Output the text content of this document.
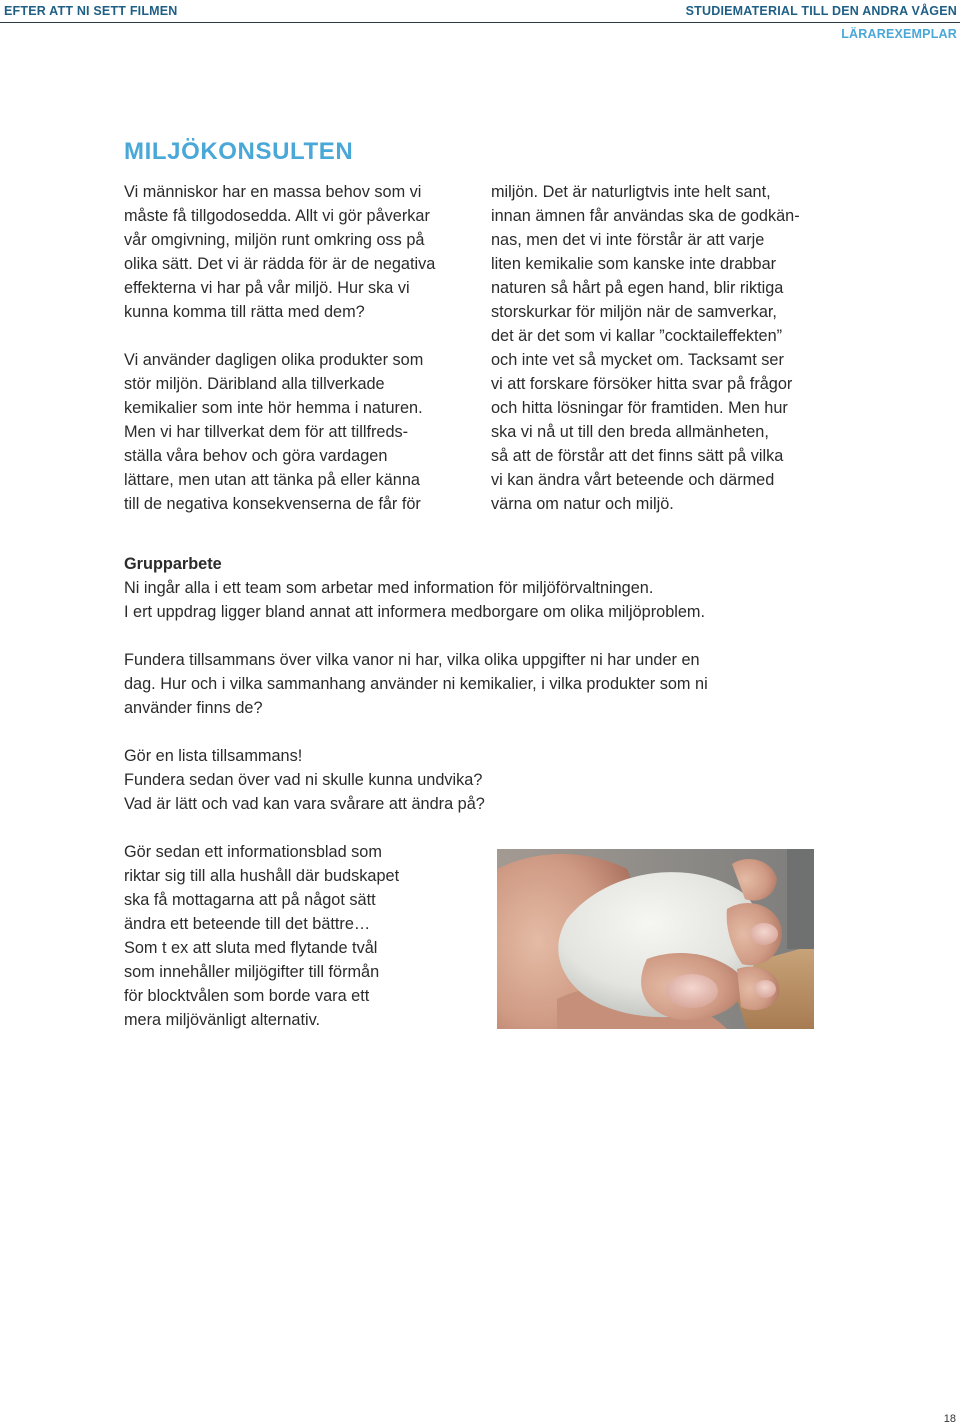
EFTER ATT NI SETT FILMEN	STUDIEMATERIAL TILL DEN ANDRA VÅGEN
LÄRAREXEMPLAR
MILJÖKONSULTEN
Vi människor har en massa behov som vi
måste få tillgodosedda. Allt vi gör påverkar
vår omgivning, miljön runt omkring oss på
olika sätt. Det vi är rädda för är de negativa
effekterna vi har på vår miljö. Hur ska vi
kunna komma till rätta med dem?
Vi använder dagligen olika produkter som
stör miljön. Däribland alla tillverkade
kemikalier som inte hör hemma i naturen.
Men vi har tillverkat dem för att tillfreds-
ställa våra behov och göra vardagen
lättare, men utan att tänka på eller känna
till de negativa konsekvenserna de får för
miljön. Det är naturligtvis inte helt sant,
innan ämnen får användas ska de godkän-
nas, men det vi inte förstår är att varje
liten kemikalie som kanske inte drabbar
naturen så hårt på egen hand, blir riktiga
storskurkar för miljön när de samverkar,
det är det som vi kallar ”cocktaileffekten”
och inte vet så mycket om. Tacksamt ser
vi att forskare försöker hitta svar på frågor
och hitta lösningar för framtiden. Men hur
ska vi nå ut till den breda allmänheten,
så att de förstår att det finns sätt på vilka
vi kan ändra vårt beteende och därmed
värna om natur och miljö.
Grupparbete
Ni ingår alla i ett team som arbetar med information för miljöförvaltningen.
I ert uppdrag ligger bland annat att informera medborgare om olika miljöproblem.
Fundera tillsammans över vilka vanor ni har, vilka olika uppgifter ni har under en
dag. Hur och i vilka sammanhang använder ni kemikalier, i vilka produkter som ni
använder finns de?
Gör en lista tillsammans!
Fundera sedan över vad ni skulle kunna undvika?
Vad är lätt och vad kan vara svårare att ändra på?
Gör sedan ett informationsblad som
riktar sig till alla hushåll där budskapet
ska få mottagarna att på något sätt
ändra ett beteende till det bättre…
Som t ex att sluta med flytande tvål
som innehåller miljögifter till förmån
för blocktvålen som borde vara ett
mera miljövänligt alternativ.
18
